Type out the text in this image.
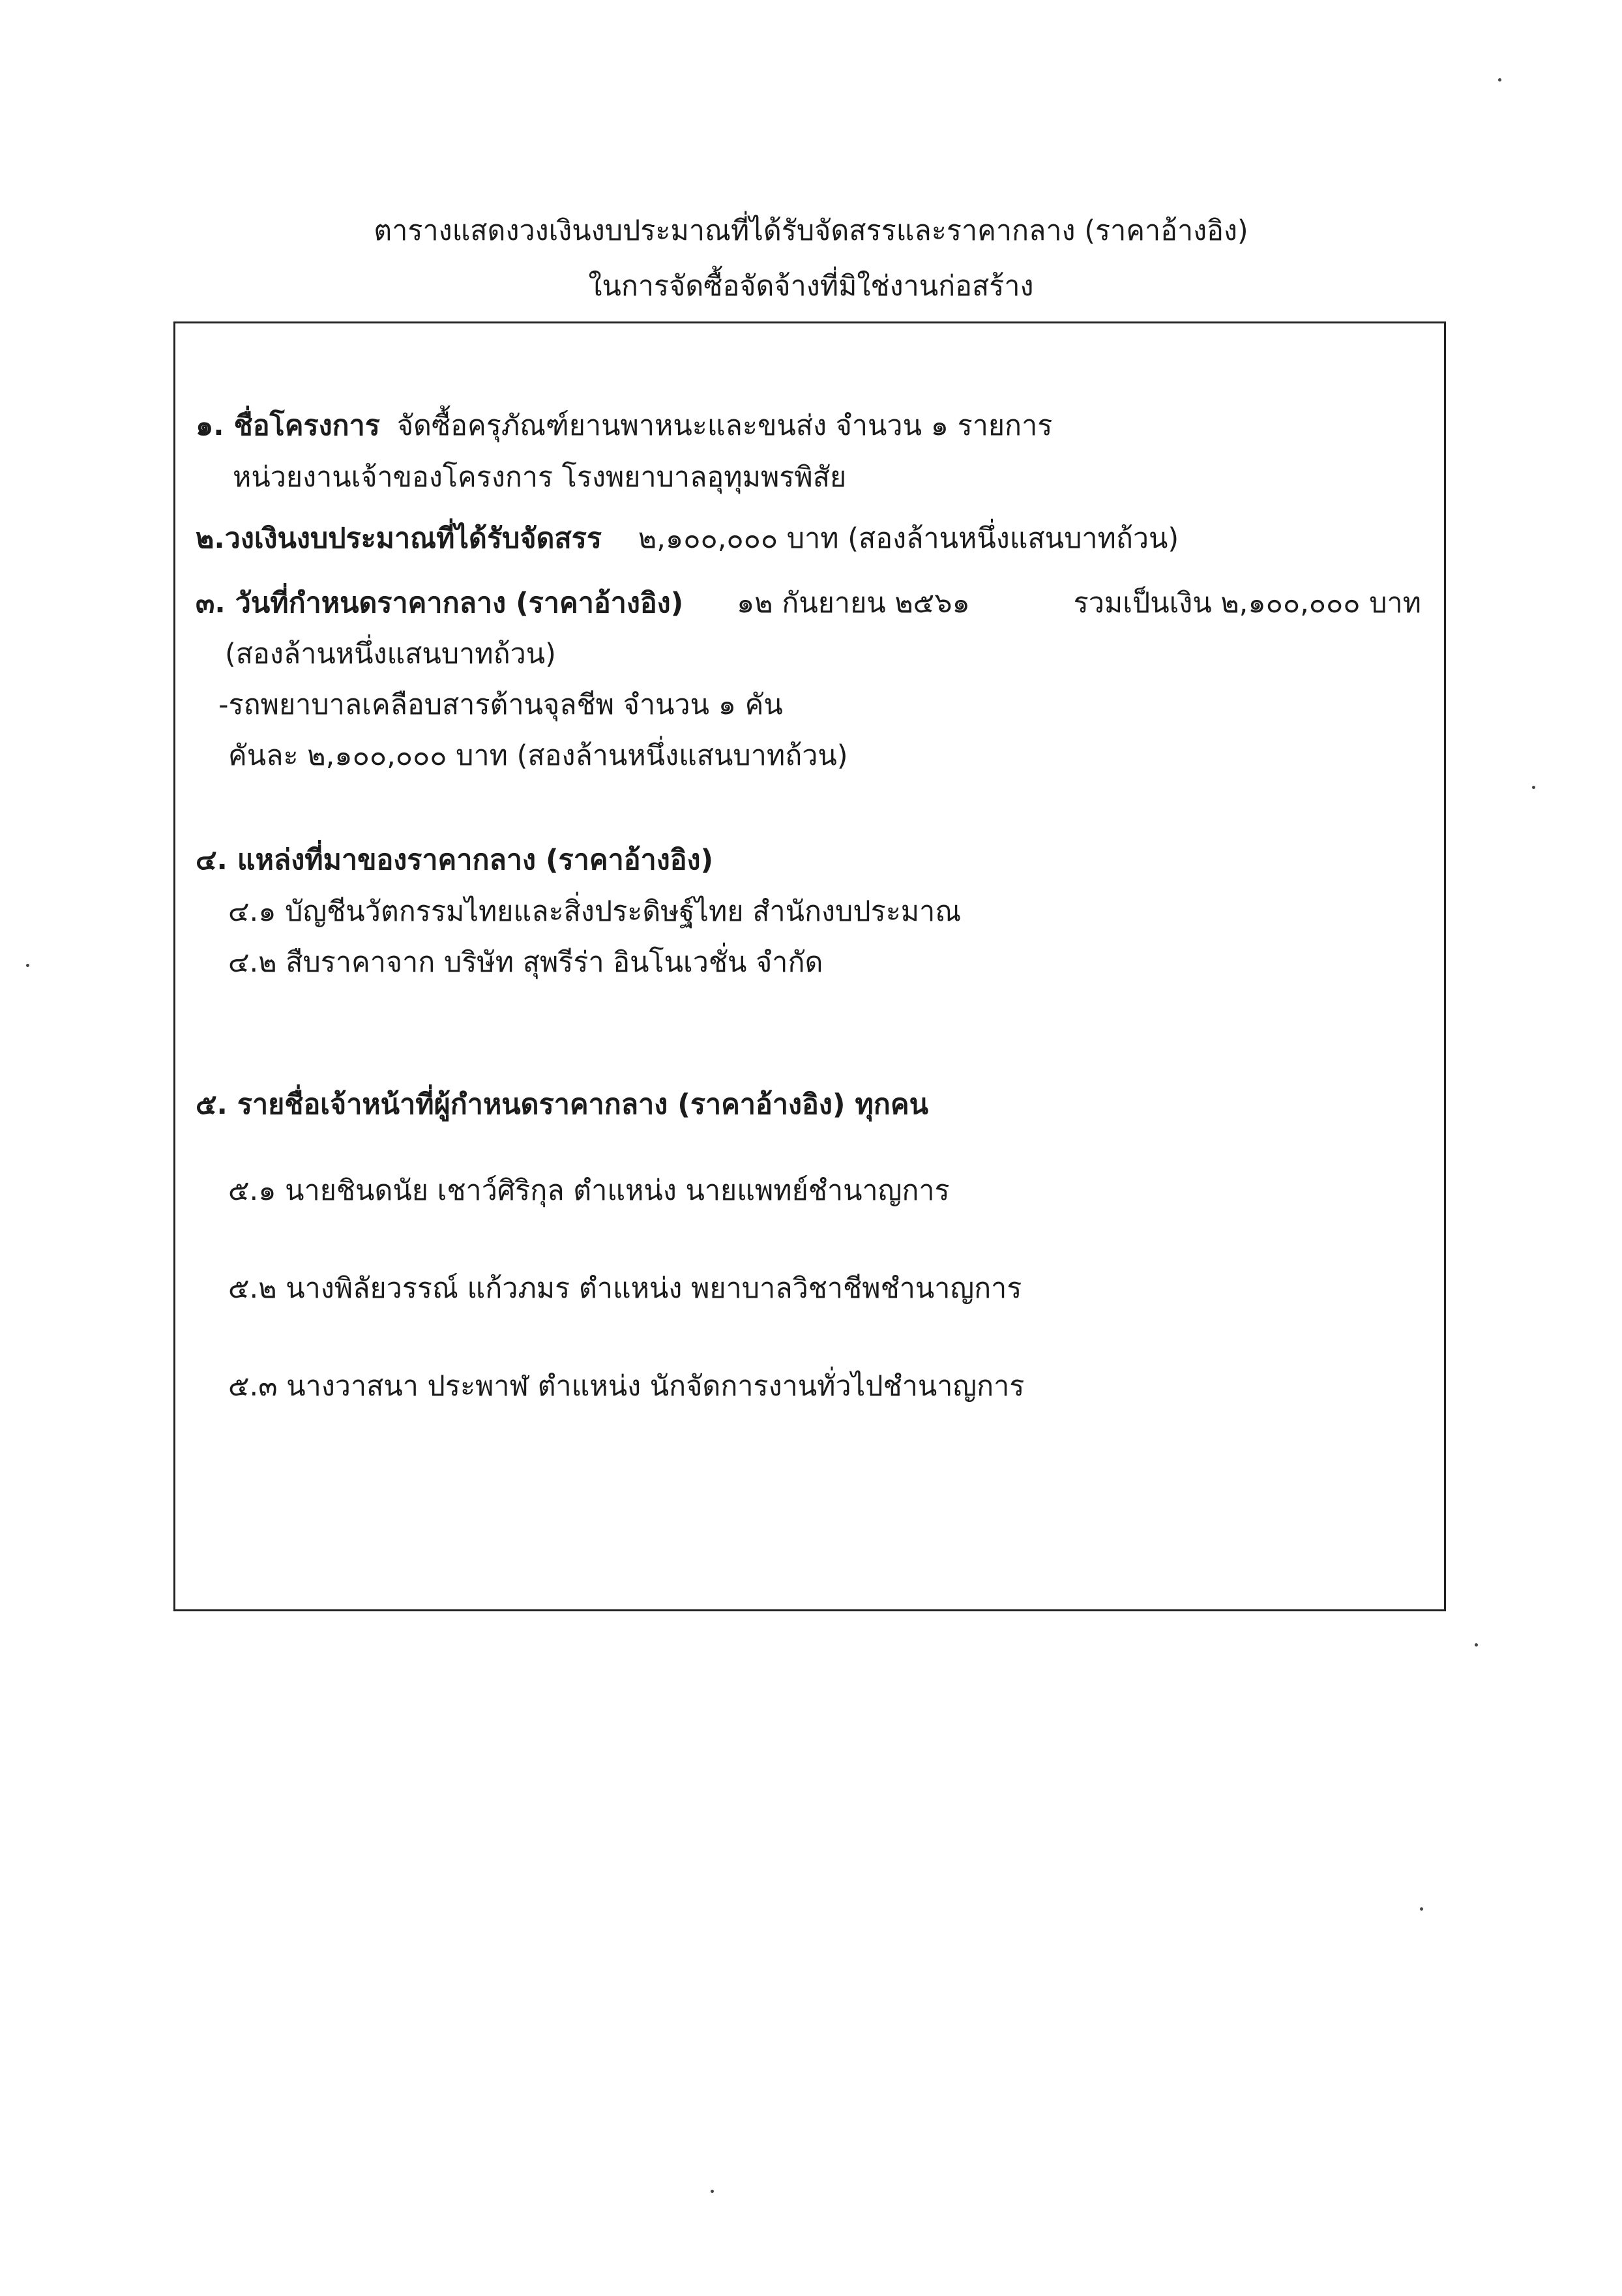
ตารางแสดงวงเงินงบประมาณที่ได้รับจัดสรรและราคากลาง (ราคาอ้างอิง)
ในการจัดซื้อจัดจ้างที่มิใช่งานก่อสร้าง
๑. ชื่อโครงการ จัดซื้อครุภัณฑ์ยานพาหนะและขนส่ง จำนวน ๑ รายการ
หน่วยงานเจ้าของโครงการ โรงพยาบาลอุทุมพรพิสัย
๒.วงเงินงบประมาณที่ได้รับจัดสรร ๒,๑๐๐,๐๐๐ บาท (สองล้านหนึ่งแสนบาทถ้วน)
๓. วันที่กำหนดราคากลาง (ราคาอ้างอิง) ๑๒ กันยายน ๒๕๖๑	รวมเป็นเงิน ๒,๑๐๐,๐๐๐ บาท
(สองล้านหนึ่งแสนบาทถ้วน)
-รถพยาบาลเคลือบสารต้านจุลชีพ จำนวน ๑ คัน
คันละ ๒,๑๐๐,๐๐๐ บาท (สองล้านหนึ่งแสนบาทถ้วน)
๔. แหล่งที่มาของราคากลาง (ราคาอ้างอิง)
๔.๑ บัญชีนวัตกรรมไทยและสิ่งประดิษฐ์ไทย สำนักงบประมาณ
๔.๒ สืบราคาจาก บริษัท สุพรีร่า อินโนเวชั่น จำกัด
๕. รายชื่อเจ้าหน้าที่ผู้กำหนดราคากลาง (ราคาอ้างอิง) ทุกคน
๕.๑ นายชินดนัย เชาว์ศิริกุล ตำแหน่ง นายแพทย์ชำนาญการ
๕.๒ นางพิลัยวรรณ์ แก้วภมร ตำแหน่ง พยาบาลวิชาชีพชำนาญการ
๕.๓ นางวาสนา ประพาฬ ตำแหน่ง นักจัดการงานทั่วไปชำนาญการ
